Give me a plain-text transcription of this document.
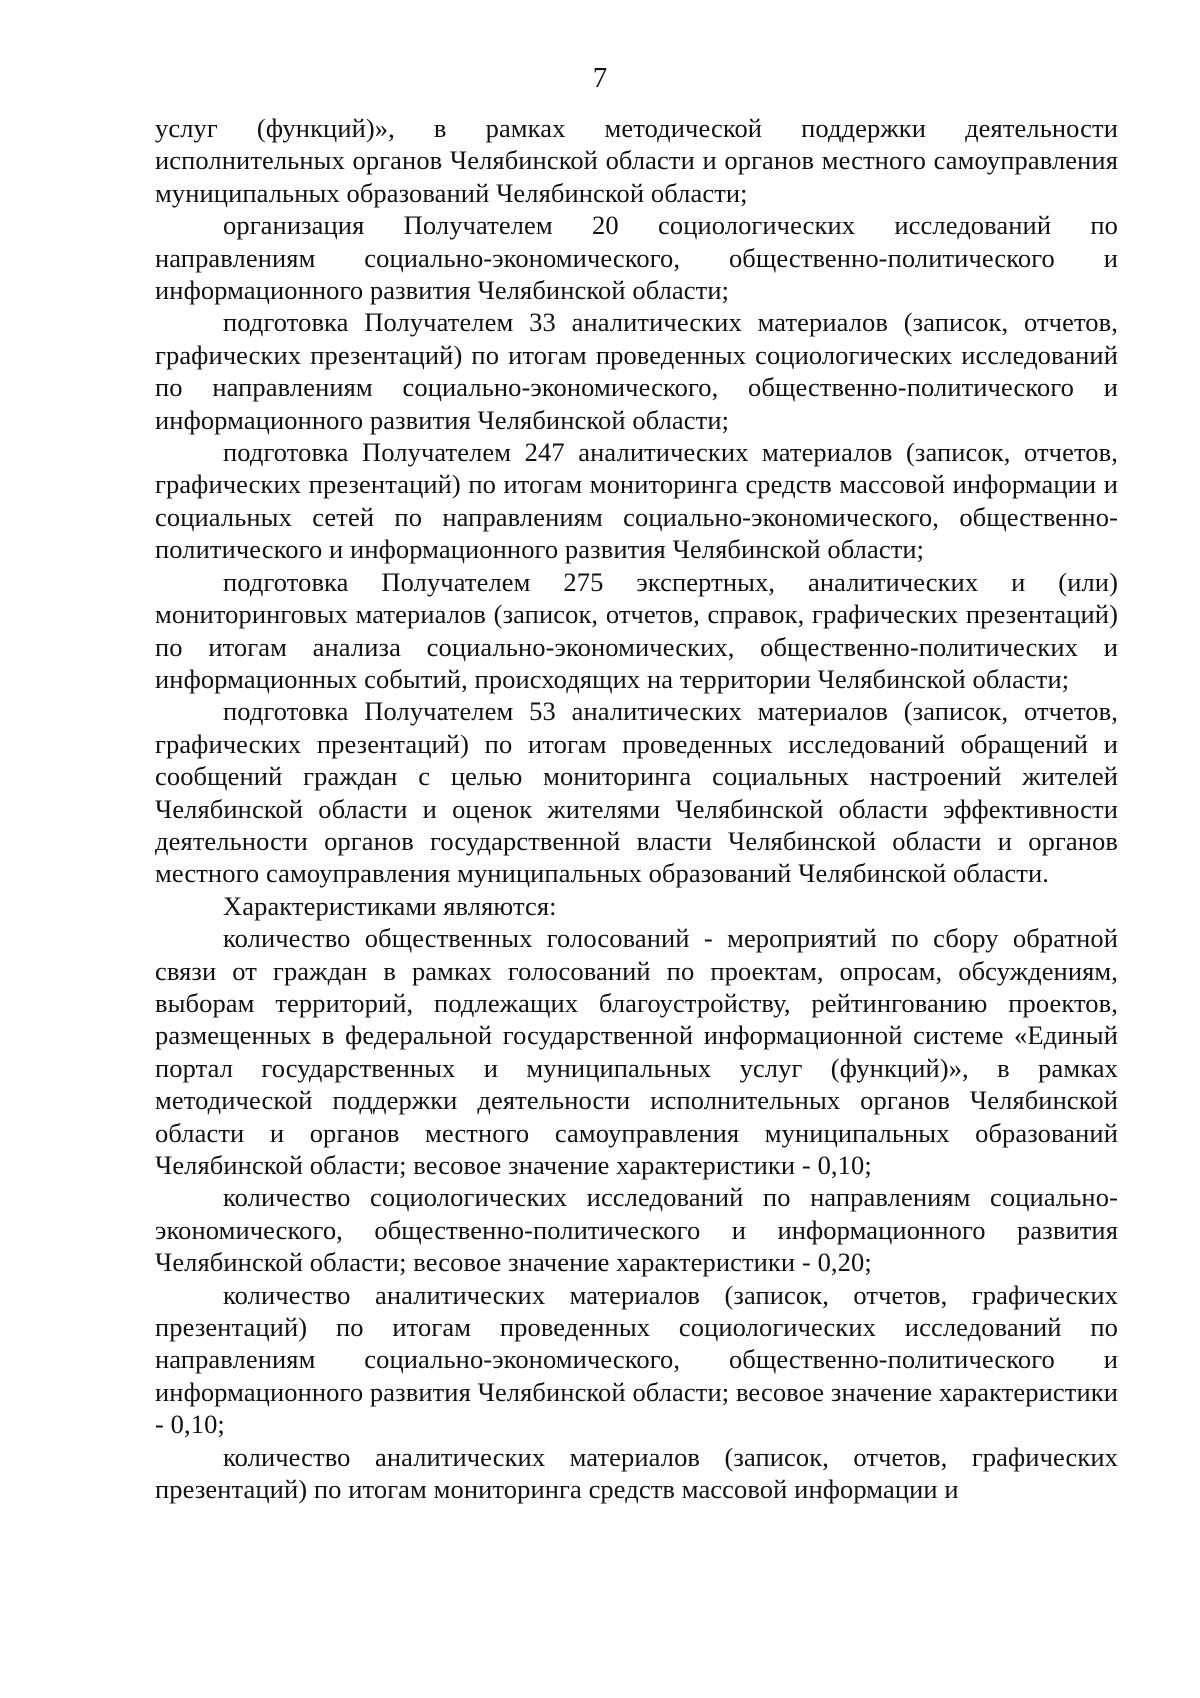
7

услуг (функций)», в рамках методической поддержки деятельности исполнительных органов Челябинской области и органов местного самоуправления муниципальных образований Челябинской области;

организация Получателем 20 социологических исследований по направлениям социально-экономического, общественно-политического и информационного развития Челябинской области;

подготовка Получателем 33 аналитических материалов (записок, отчетов, графических презентаций) по итогам проведенных социологических исследований по направлениям социально-экономического, общественно-политического и информационного развития Челябинской области;

подготовка Получателем 247 аналитических материалов (записок, отчетов, графических презентаций) по итогам мониторинга средств массовой информации и социальных сетей по направлениям социально-экономического, общественно-политического и информационного развития Челябинской области;

подготовка Получателем 275 экспертных, аналитических и (или) мониторинговых материалов (записок, отчетов, справок, графических презентаций) по итогам анализа социально-экономических, общественно-политических и информационных событий, происходящих на территории Челябинской области;

подготовка Получателем 53 аналитических материалов (записок, отчетов, графических презентаций) по итогам проведенных исследований обращений и сообщений граждан с целью мониторинга социальных настроений жителей Челябинской области и оценок жителями Челябинской области эффективности деятельности органов государственной власти Челябинской области и органов местного самоуправления муниципальных образований Челябинской области.

Характеристиками являются:

количество общественных голосований - мероприятий по сбору обратной связи от граждан в рамках голосований по проектам, опросам, обсуждениям, выборам территорий, подлежащих благоустройству, рейтингованию проектов, размещенных в федеральной государственной информационной системе «Единый портал государственных и муниципальных услуг (функций)», в рамках методической поддержки деятельности исполнительных органов Челябинской области и органов местного самоуправления муниципальных образований Челябинской области; весовое значение характеристики - 0,10;

количество социологических исследований по направлениям социально-экономического, общественно-политического и информационного развития Челябинской области; весовое значение характеристики - 0,20;

количество аналитических материалов (записок, отчетов, графических презентаций) по итогам проведенных социологических исследований по направлениям социально-экономического, общественно-политического и информационного развития Челябинской области; весовое значение характеристики - 0,10;

количество аналитических материалов (записок, отчетов, графических презентаций) по итогам мониторинга средств массовой информации и
